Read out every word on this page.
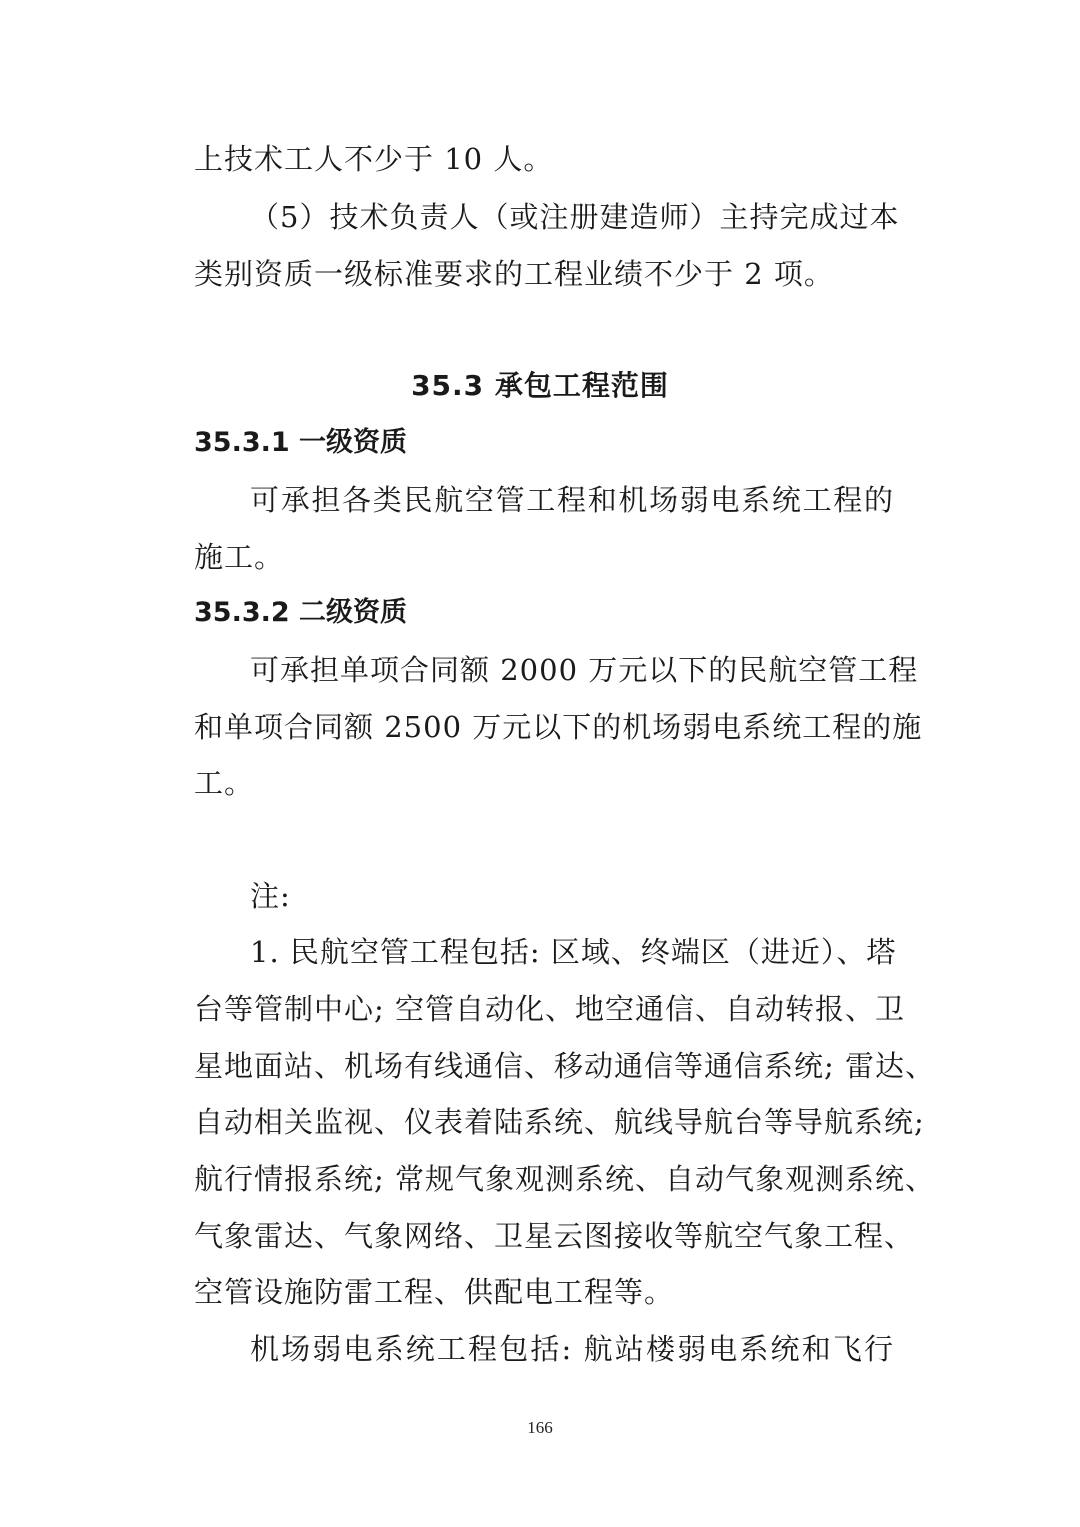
上技术工人不少于 10 人。
（5）技术负责人（或注册建造师）主持完成过本
类别资质一级标准要求的工程业绩不少于 2 项。
35.3 承包工程范围
35.3.1 一级资质
可承担各类民航空管工程和机场弱电系统工程的
施工。
35.3.2 二级资质
可承担单项合同额 2000 万元以下的民航空管工程
和单项合同额 2500 万元以下的机场弱电系统工程的施
工。
注:
1. 民航空管工程包括: 区域、终端区（进近）、塔
台等管制中心; 空管自动化、地空通信、自动转报、卫
星地面站、机场有线通信、移动通信等通信系统; 雷达、
自动相关监视、仪表着陆系统、航线导航台等导航系统;
航行情报系统; 常规气象观测系统、自动气象观测系统、
气象雷达、气象网络、卫星云图接收等航空气象工程、
空管设施防雷工程、供配电工程等。
机场弱电系统工程包括: 航站楼弱电系统和飞行
166
